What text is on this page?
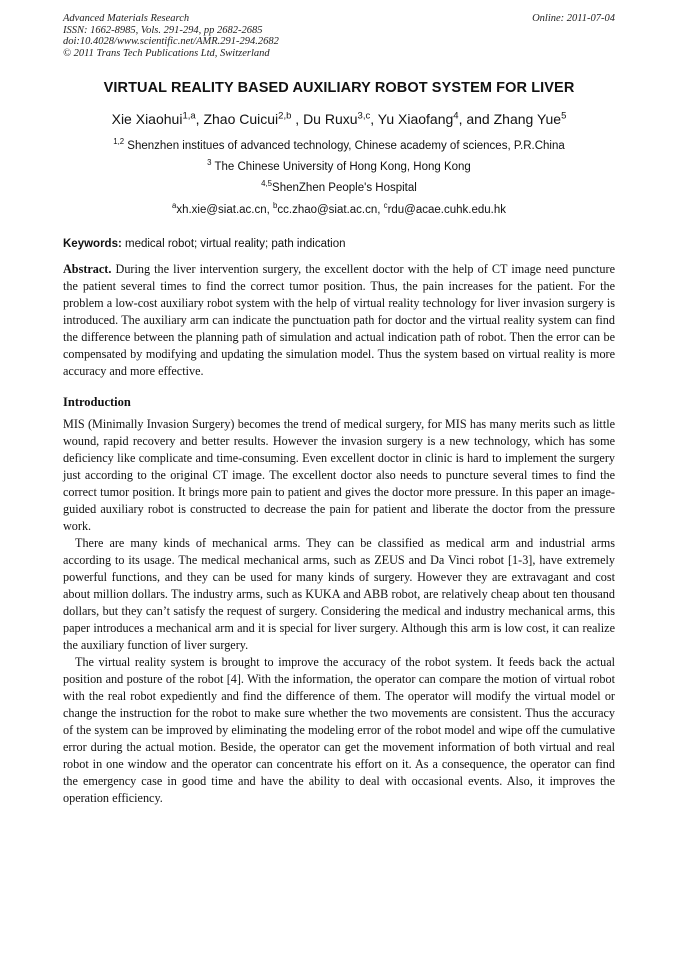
Advanced Materials Research
ISSN: 1662-8985, Vols. 291-294, pp 2682-2685
doi:10.4028/www.scientific.net/AMR.291-294.2682
© 2011 Trans Tech Publications Ltd, Switzerland
Online: 2011-07-04
VIRTUAL REALITY BASED AUXILIARY ROBOT SYSTEM FOR LIVER
Xie Xiaohui$^{1,a}$, Zhao Cuicui$^{2,b}$ , Du Ruxu$^{3,c}$, Yu Xiaofang$^4$, and Zhang Yue$^5$
$^{1,2}$ Shenzhen institues of advanced technology, Chinese academy of sciences, P.R.China
$^3$ The Chinese University of Hong Kong, Hong Kong
$^{4,5}$ShenZhen People's Hospital
$^a$xh.xie@siat.ac.cn, $^b$cc.zhao@siat.ac.cn, $^c$rdu@acae.cuhk.edu.hk
Keywords: medical robot; virtual reality; path indication

Abstract. During the liver intervention surgery, the excellent doctor with the help of CT image need puncture the patient several times to find the correct tumor position. Thus, the pain increases for the patient. For the problem a low-cost auxiliary robot system with the help of virtual reality technology for liver invasion surgery is introduced. The auxiliary arm can indicate the punctuation path for doctor and the virtual reality system can find the difference between the planning path of simulation and actual indication path of robot. Then the error can be compensated by modifying and updating the simulation model. Thus the system based on virtual reality is more accuracy and more effective.

Introduction

MIS (Minimally Invasion Surgery) becomes the trend of medical surgery, for MIS has many merits such as little wound, rapid recovery and better results. However the invasion surgery is a new technology, which has some deficiency like complicate and time-consuming. Even excellent doctor in clinic is hard to implement the surgery just according to the original CT image. The excellent doctor also needs to puncture several times to find the correct tumor position. It brings more pain to patient and gives the doctor more pressure. In this paper an image-guided auxiliary robot is constructed to decrease the pain for patient and liberate the doctor from the pressure work.

There are many kinds of mechanical arms. They can be classified as medical arm and industrial arms according to its usage. The medical mechanical arms, such as ZEUS and Da Vinci robot [1-3], have extremely powerful functions, and they can be used for many kinds of surgery. However they are extravagant and cost about million dollars. The industry arms, such as KUKA and ABB robot, are relatively cheap about ten thousand dollars, but they can’t satisfy the request of surgery. Considering the medical and industry mechanical arms, this paper introduces a mechanical arm and it is special for liver surgery. Although this arm is low cost, it can realize the auxiliary function of liver surgery.

The virtual reality system is brought to improve the accuracy of the robot system. It feeds back the actual position and posture of the robot [4]. With the information, the operator can compare the motion of virtual robot with the real robot expediently and find the difference of them. The operator will modify the virtual model or change the instruction for the robot to make sure whether the two movements are consistent. Thus the accuracy of the system can be improved by eliminating the modeling error of the robot model and wipe off the cumulative error during the actual motion. Beside, the operator can get the movement information of both virtual and real robot in one window and the operator can concentrate his effort on it. As a consequence, the operator can find the emergency case in good time and have the ability to deal with occasional events. Also, it improves the operation efficiency.
